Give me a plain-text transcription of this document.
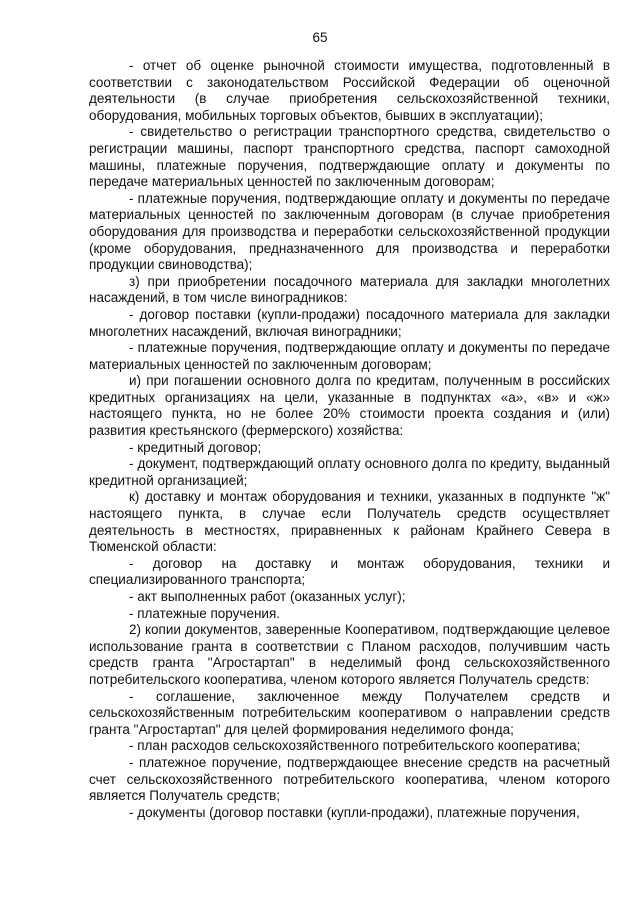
65

- отчет об оценке рыночной стоимости имущества, подготовленный в соответствии с законодательством Российской Федерации об оценочной деятельности (в случае приобретения сельскохозяйственной техники, оборудования, мобильных торговых объектов, бывших в эксплуатации);

- свидетельство о регистрации транспортного средства, свидетельство о регистрации машины, паспорт транспортного средства, паспорт самоходной машины, платежные поручения, подтверждающие оплату и документы по передаче материальных ценностей по заключенным договорам;

- платежные поручения, подтверждающие оплату и документы по передаче материальных ценностей по заключенным договорам (в случае приобретения оборудования для производства и переработки сельскохозяйственной продукции (кроме оборудования, предназначенного для производства и переработки продукции свиноводства);

з) при приобретении посадочного материала для закладки многолетних насаждений, в том числе виноградников:

- договор поставки (купли-продажи) посадочного материала для закладки многолетних насаждений, включая виноградники;

- платежные поручения, подтверждающие оплату и документы по передаче материальных ценностей по заключенным договорам;

и) при погашении основного долга по кредитам, полученным в российских кредитных организациях на цели, указанные в подпунктах «а», «в» и «ж» настоящего пункта, но не более 20% стоимости проекта создания и (или) развития крестьянского (фермерского) хозяйства:

- кредитный договор;

- документ, подтверждающий оплату основного долга по кредиту, выданный кредитной организацией;

к) доставку и монтаж оборудования и техники, указанных в подпункте "ж" настоящего пункта, в случае если Получатель средств осуществляет деятельность в местностях, приравненных к районам Крайнего Севера в Тюменской области:

- договор на доставку и монтаж оборудования, техники и специализированного транспорта;

- акт выполненных работ (оказанных услуг);

- платежные поручения.

2) копии документов, заверенные Кооперативом, подтверждающие целевое использование гранта в соответствии с Планом расходов, получившим часть средств гранта "Агростартап" в неделимый фонд сельскохозяйственного потребительского кооператива, членом которого является Получатель средств:

- соглашение, заключенное между Получателем средств и сельскохозяйственным потребительским кооперативом о направлении средств гранта "Агростартап" для целей формирования неделимого фонда;

- план расходов сельскохозяйственного потребительского кооператива;

- платежное поручение, подтверждающее внесение средств на расчетный счет сельскохозяйственного потребительского кооператива, членом которого является Получатель средств;

- документы (договор поставки (купли-продажи), платежные поручения,
